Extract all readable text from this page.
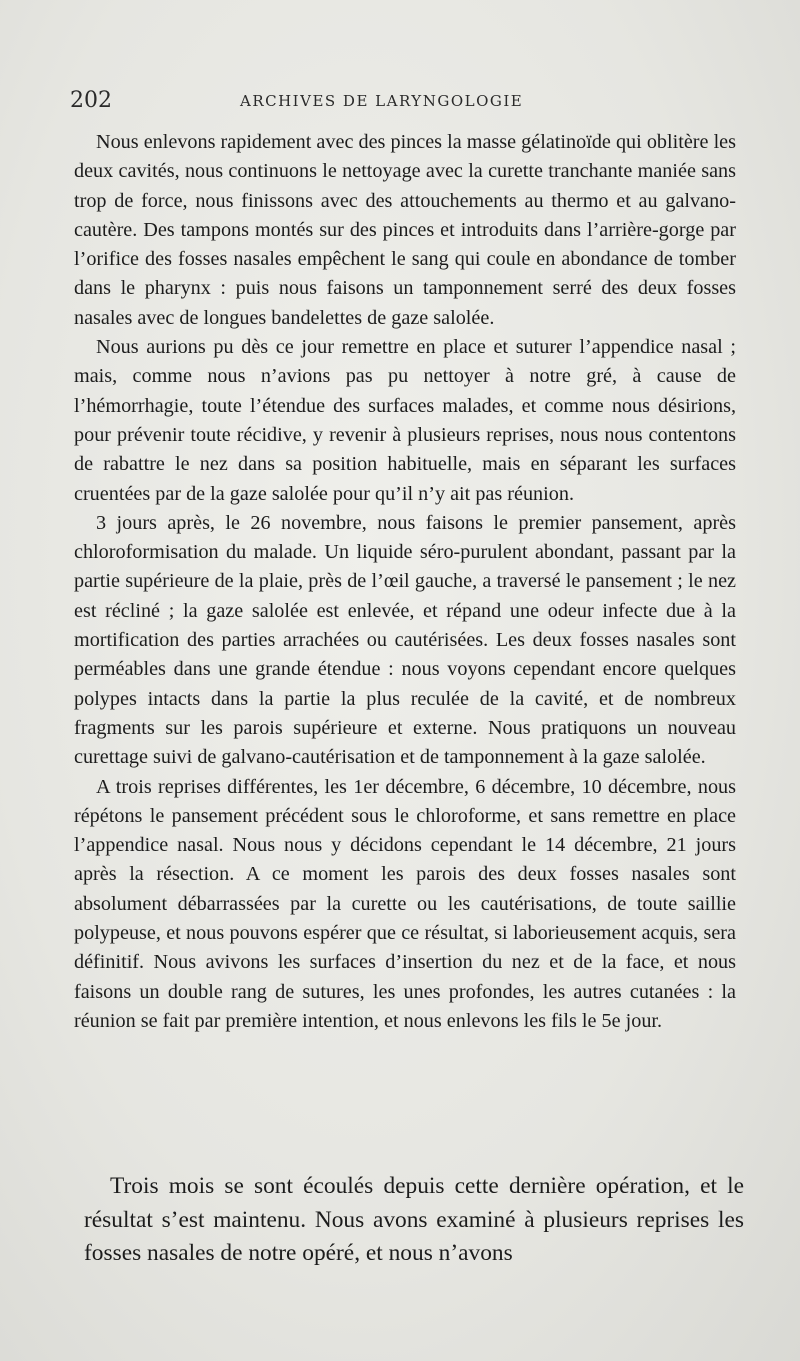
202	ARCHIVES DE LARYNGOLOGIE

Nous enlevons rapidement avec des pinces la masse gélatinoïde qui oblitère les deux cavités, nous continuons le nettoyage avec la curette tranchante maniée sans trop de force, nous finissons avec des attouchements au thermo et au galvano-cautère. Des tampons montés sur des pinces et introduits dans l’arrière-gorge par l’orifice des fosses nasales empêchent le sang qui coule en abondance de tomber dans le pharynx : puis nous faisons un tamponnement serré des deux fosses nasales avec de longues bandelettes de gaze salolée.

Nous aurions pu dès ce jour remettre en place et suturer l’appendice nasal ; mais, comme nous n’avions pas pu nettoyer à notre gré, à cause de l’hémorrhagie, toute l’étendue des surfaces malades, et comme nous désirions, pour prévenir toute récidive, y revenir à plusieurs reprises, nous nous contentons de rabattre le nez dans sa position habituelle, mais en séparant les surfaces cruentées par de la gaze salolée pour qu’il n’y ait pas réunion.

3 jours après, le 26 novembre, nous faisons le premier pansement, après chloroformisation du malade. Un liquide séro-purulent abondant, passant par la partie supérieure de la plaie, près de l’œil gauche, a traversé le pansement ; le nez est récliné ; la gaze salolée est enlevée, et répand une odeur infecte due à la mortification des parties arrachées ou cautérisées. Les deux fosses nasales sont perméables dans une grande étendue : nous voyons cependant encore quelques polypes intacts dans la partie la plus reculée de la cavité, et de nombreux fragments sur les parois supérieure et externe. Nous pratiquons un nouveau curettage suivi de galvano-cautérisation et de tamponnement à la gaze salolée.

A trois reprises différentes, les 1er décembre, 6 décembre, 10 décembre, nous répétons le pansement précédent sous le chloroforme, et sans remettre en place l’appendice nasal. Nous nous y décidons cependant le 14 décembre, 21 jours après la résection. A ce moment les parois des deux fosses nasales sont absolument débarrassées par la curette ou les cautérisations, de toute saillie polypeuse, et nous pouvons espérer que ce résultat, si laborieusement acquis, sera définitif. Nous avivons les surfaces d’insertion du nez et de la face, et nous faisons un double rang de sutures, les unes profondes, les autres cutanées : la réunion se fait par première intention, et nous enlevons les fils le 5e jour.

Trois mois se sont écoulés depuis cette dernière opération, et le résultat s’est maintenu. Nous avons examiné à plusieurs reprises les fosses nasales de notre opéré, et nous n’avons
